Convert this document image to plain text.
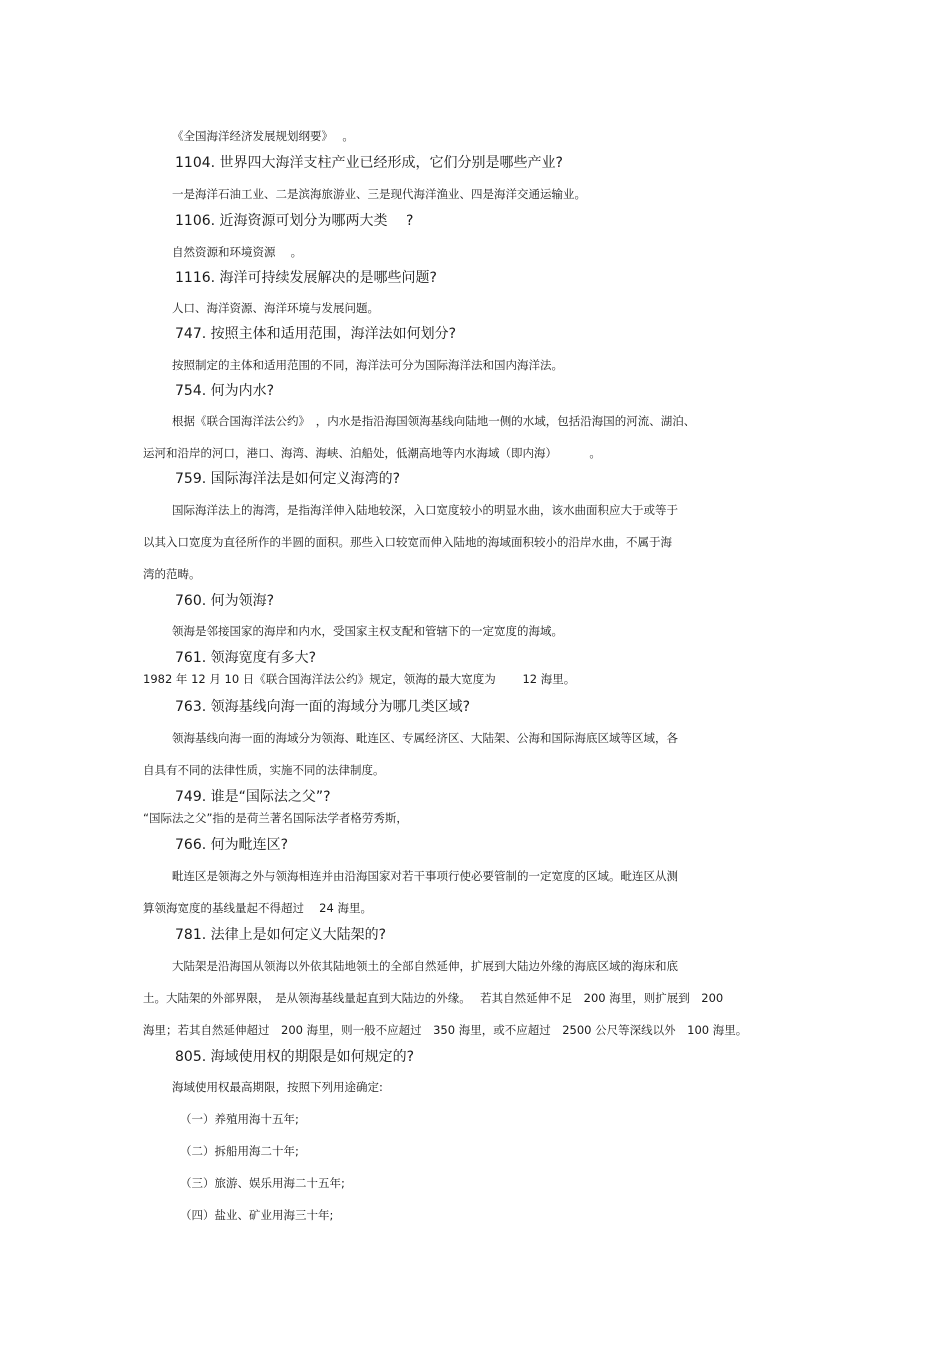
《全国海洋经济发展规划纲要》　 。
1104. 世界四大海洋支柱产业已经形成，它们分别是哪些产业?
一是海洋石油工业、二是滨海旅游业、三是现代海洋渔业、四是海洋交通运输业。
1106. 近海资源可划分为哪两大类　 ?
自然资源和环境资源　 。
1116. 海洋可持续发展解决的是哪些问题?
人口、海洋资源、海洋环境与发展问题。
747. 按照主体和适用范围，海洋法如何划分?
按照制定的主体和适用范围的不同，海洋法可分为国际海洋法和国内海洋法。
754. 何为内水?
根据《联合国海洋法公约》　，内水是指沿海国领海基线向陆地一侧的水域，包括沿海国的河流、湖泊、
运河和沿岸的河口，港口、海湾、海峡、泊船处，低潮高地等内水海域（即内海）　　　 。
759. 国际海洋法是如何定义海湾的?
国际海洋法上的海湾，是指海洋伸入陆地较深，入口宽度较小的明显水曲，该水曲面积应大于或等于
以其入口宽度为直径所作的半圆的面积。那些入口较宽而伸入陆地的海域面积较小的沿岸水曲，不属于海
湾的范畴。
760. 何为领海?
领海是邻接国家的海岸和内水，受国家主权支配和管辖下的一定宽度的海域。
761. 领海宽度有多大?
1982 年 12 月 10 日《联合国海洋法公约》规定，领海的最大宽度为　　 12 海里。
763. 领海基线向海一面的海域分为哪几类区域?
领海基线向海一面的海域分为领海、毗连区、专属经济区、大陆架、公海和国际海底区域等区域，各
自具有不同的法律性质，实施不同的法律制度。
749. 谁是“国际法之父”?
“国际法之父”指的是荷兰著名国际法学者格劳秀斯，
766. 何为毗连区?
毗连区是领海之外与领海相连并由沿海国家对若干事项行使必要管制的一定宽度的区域。毗连区从测
算领海宽度的基线量起不得超过　 24 海里。
781. 法律上是如何定义大陆架的?
大陆架是沿海国从领海以外依其陆地领土的全部自然延伸，扩展到大陆边外缘的海底区域的海床和底
土。大陆架的外部界限，　是从领海基线量起直到大陆边的外缘。　 若其自然延伸不足　200 海里，则扩展到　200
海里；若其自然延伸超过　200 海里，则一般不应超过　350 海里，或不应超过　2500 公尺等深线以外　100 海里。
805. 海域使用权的期限是如何规定的?
海域使用权最高期限，按照下列用途确定:
（一）养殖用海十五年;
（二）拆船用海二十年;
（三）旅游、娱乐用海二十五年;
（四）盐业、矿业用海三十年;
